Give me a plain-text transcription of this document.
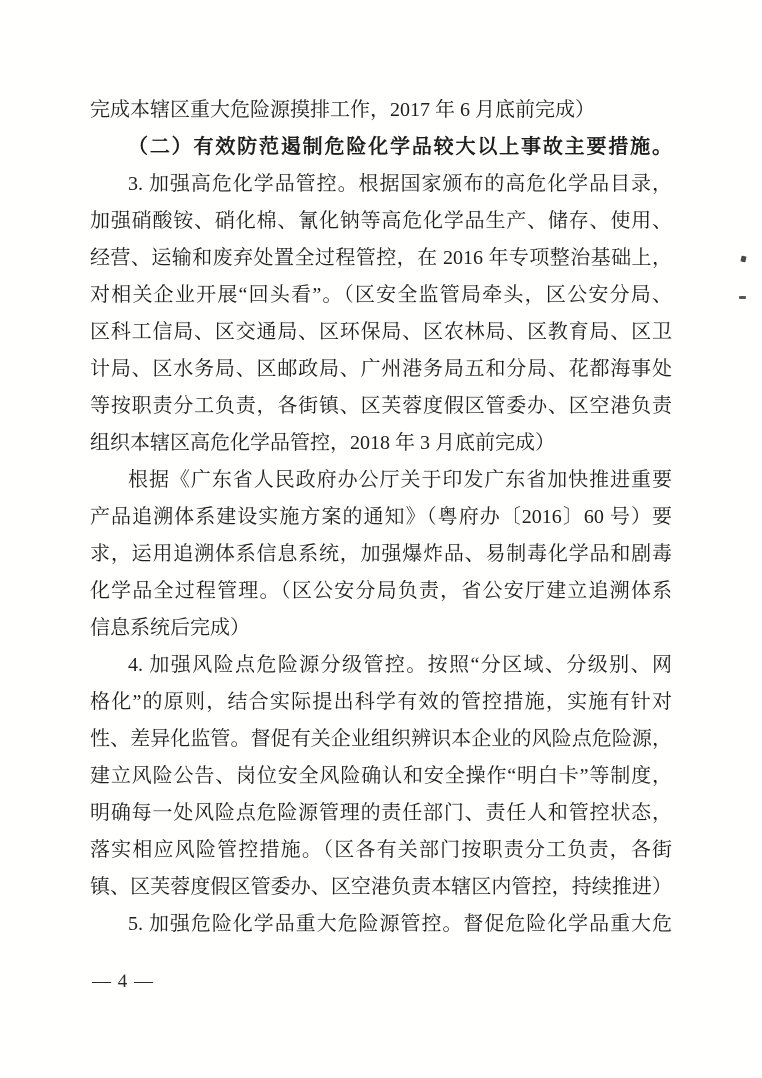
完成本辖区重大危险源摸排工作，2017 年 6 月底前完成）
（二）有效防范遏制危险化学品较大以上事故主要措施。
3. 加强高危化学品管控。根据国家颁布的高危化学品目录，
加强硝酸铵、硝化棉、氰化钠等高危化学品生产、储存、使用、
经营、运输和废弃处置全过程管控，在 2016 年专项整治基础上，
对相关企业开展“回头看”。（区安全监管局牵头，区公安分局、
区科工信局、区交通局、区环保局、区农林局、区教育局、区卫
计局、区水务局、区邮政局、广州港务局五和分局、花都海事处
等按职责分工负责，各街镇、区芙蓉度假区管委办、区空港负责
组织本辖区高危化学品管控，2018 年 3 月底前完成）
根据《广东省人民政府办公厅关于印发广东省加快推进重要
产品追溯体系建设实施方案的通知》（粤府办〔2016〕60 号）要
求，运用追溯体系信息系统，加强爆炸品、易制毒化学品和剧毒
化学品全过程管理。（区公安分局负责，省公安厅建立追溯体系
信息系统后完成）
4. 加强风险点危险源分级管控。按照“分区域、分级别、网
格化”的原则，结合实际提出科学有效的管控措施，实施有针对
性、差异化监管。督促有关企业组织辨识本企业的风险点危险源，
建立风险公告、岗位安全风险确认和安全操作“明白卡”等制度，
明确每一处风险点危险源管理的责任部门、责任人和管控状态，
落实相应风险管控措施。（区各有关部门按职责分工负责，各街
镇、区芙蓉度假区管委办、区空港负责本辖区内管控，持续推进）
5. 加强危险化学品重大危险源管控。督促危险化学品重大危
— 4 —
